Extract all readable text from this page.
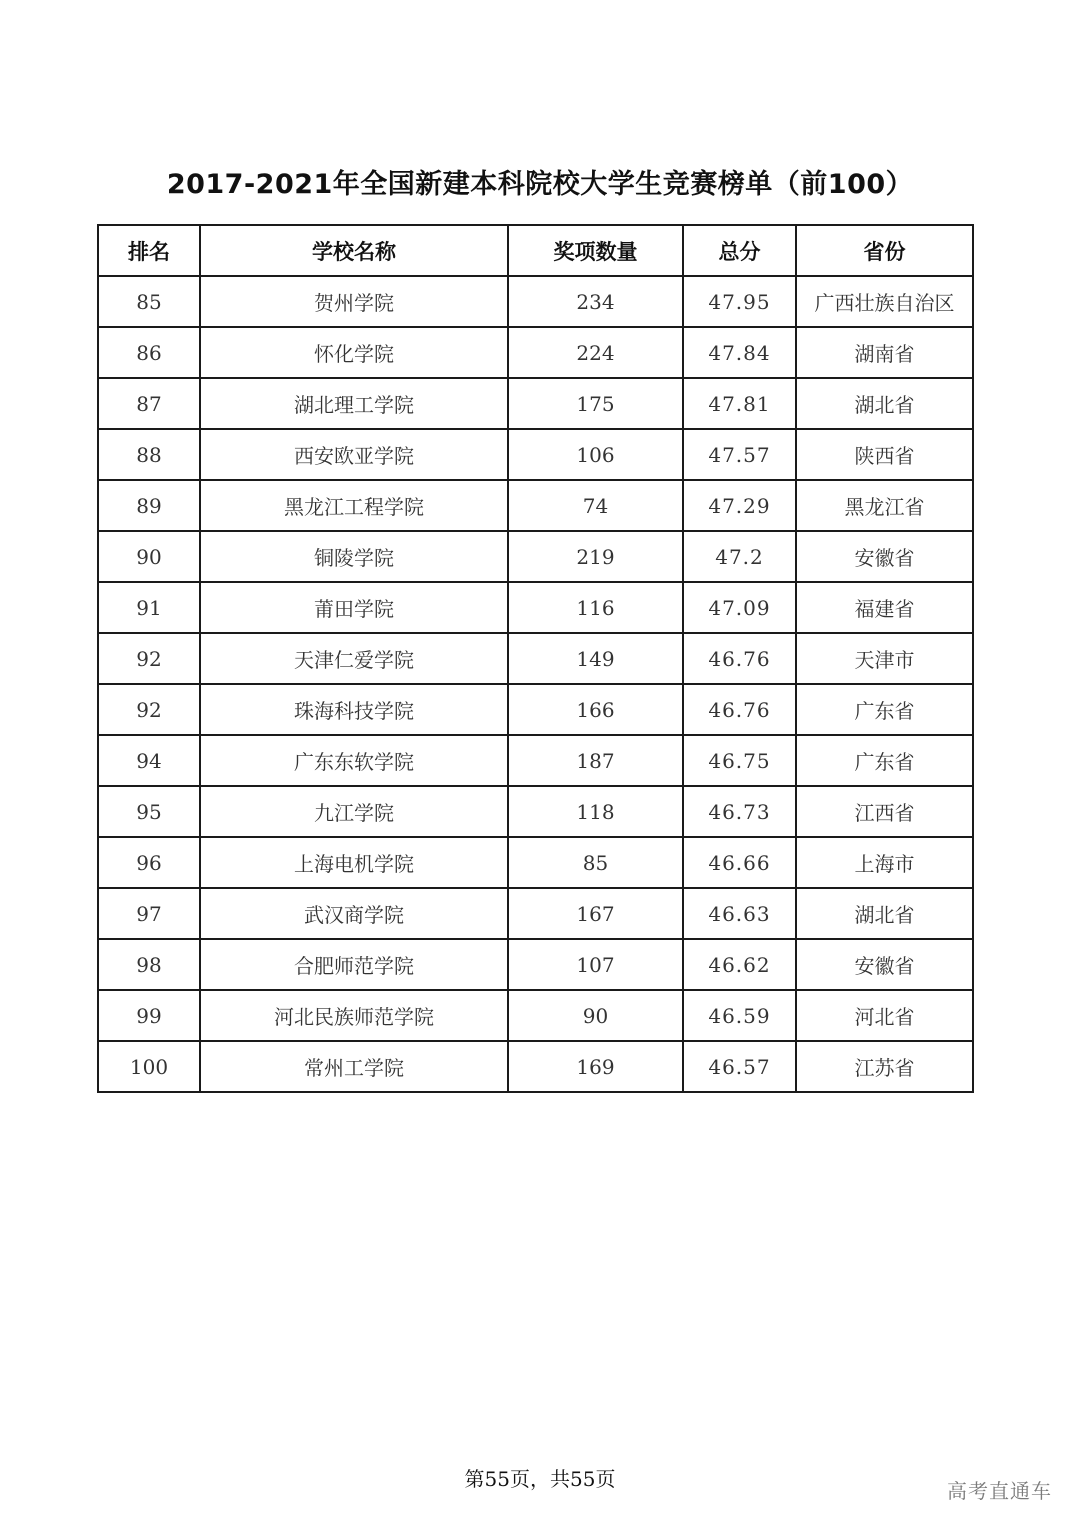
2017-2021年全国新建本科院校大学生竞赛榜单（前100）
排名	学校名称	奖项数量	总分	省份
85	贺州学院	234	47.95	广西壮族自治区
86	怀化学院	224	47.84	湖南省
87	湖北理工学院	175	47.81	湖北省
88	西安欧亚学院	106	47.57	陕西省
89	黑龙江工程学院	74	47.29	黑龙江省
90	铜陵学院	219	47.2	安徽省
91	莆田学院	116	47.09	福建省
92	天津仁爱学院	149	46.76	天津市
92	珠海科技学院	166	46.76	广东省
94	广东东软学院	187	46.75	广东省
95	九江学院	118	46.73	江西省
96	上海电机学院	85	46.66	上海市
97	武汉商学院	167	46.63	湖北省
98	合肥师范学院	107	46.62	安徽省
99	河北民族师范学院	90	46.59	河北省
100	常州工学院	169	46.57	江苏省
第55页，共55页	高考直通车
